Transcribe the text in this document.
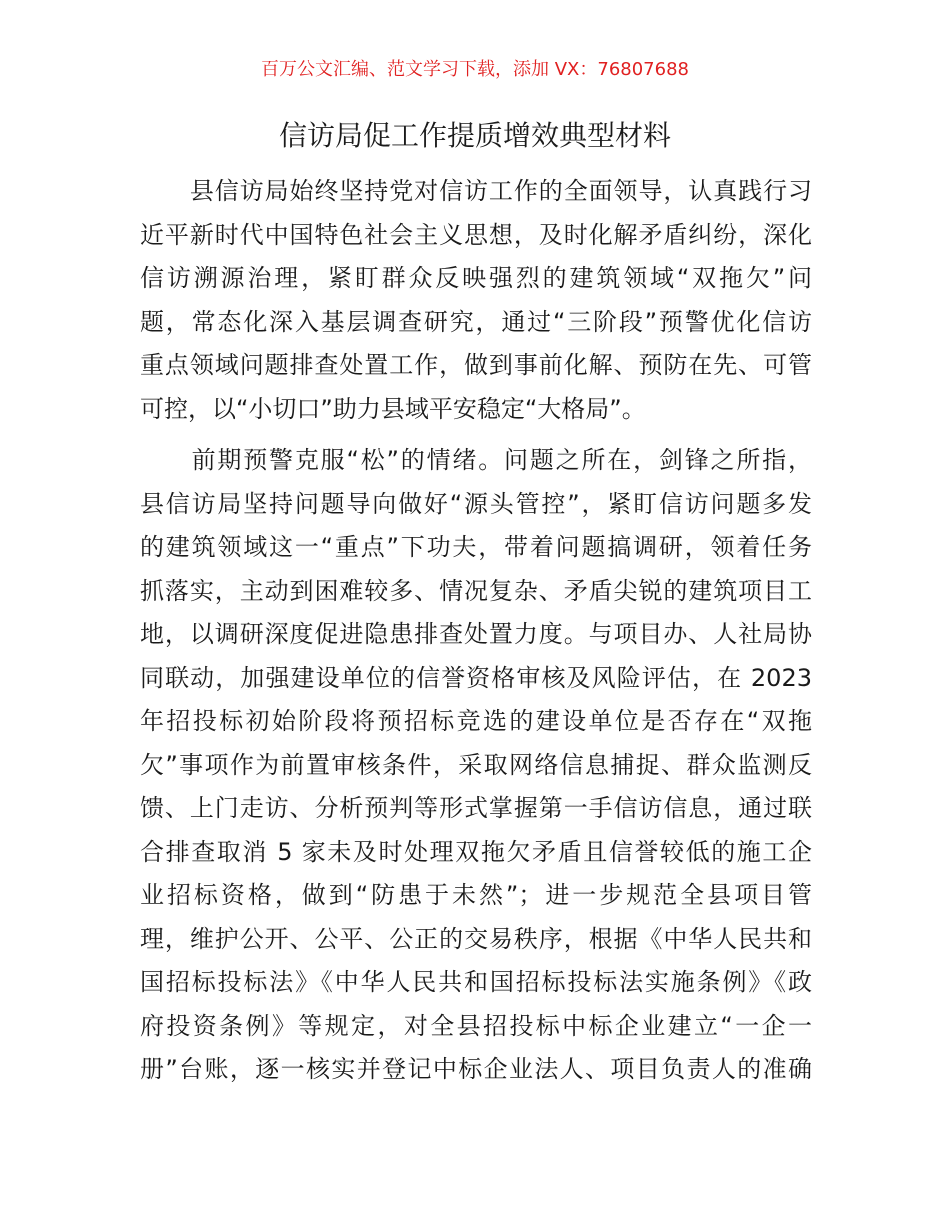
百万公文汇编、范文学习下载，添加 VX：76807688
信访局促工作提质增效典型材料
　　县信访局始终坚持党对信访工作的全面领导，认真践行习
近平新时代中国特色社会主义思想，及时化解矛盾纠纷，深化
信访溯源治理，紧盯群众反映强烈的建筑领域“双拖欠”问
题，常态化深入基层调查研究，通过“三阶段”预警优化信访
重点领域问题排查处置工作，做到事前化解、预防在先、可管
可控，以“小切口”助力县域平安稳定“大格局”。
　　前期预警克服“松”的情绪。问题之所在，剑锋之所指，
县信访局坚持问题导向做好“源头管控”，紧盯信访问题多发
的建筑领域这一“重点”下功夫，带着问题搞调研，领着任务
抓落实，主动到困难较多、情况复杂、矛盾尖锐的建筑项目工
地，以调研深度促进隐患排查处置力度。与项目办、人社局协
同联动，加强建设单位的信誉资格审核及风险评估，在 2023
年招投标初始阶段将预招标竞选的建设单位是否存在“双拖
欠”事项作为前置审核条件，采取网络信息捕捉、群众监测反
馈、上门走访、分析预判等形式掌握第一手信访信息，通过联
合排查取消 5 家未及时处理双拖欠矛盾且信誉较低的施工企
业招标资格，做到“防患于未然”；进一步规范全县项目管
理，维护公开、公平、公正的交易秩序，根据《中华人民共和
国招标投标法》《中华人民共和国招标投标法实施条例》《政
府投资条例》等规定，对全县招投标中标企业建立“一企一
册”台账，逐一核实并登记中标企业法人、项目负责人的准确
